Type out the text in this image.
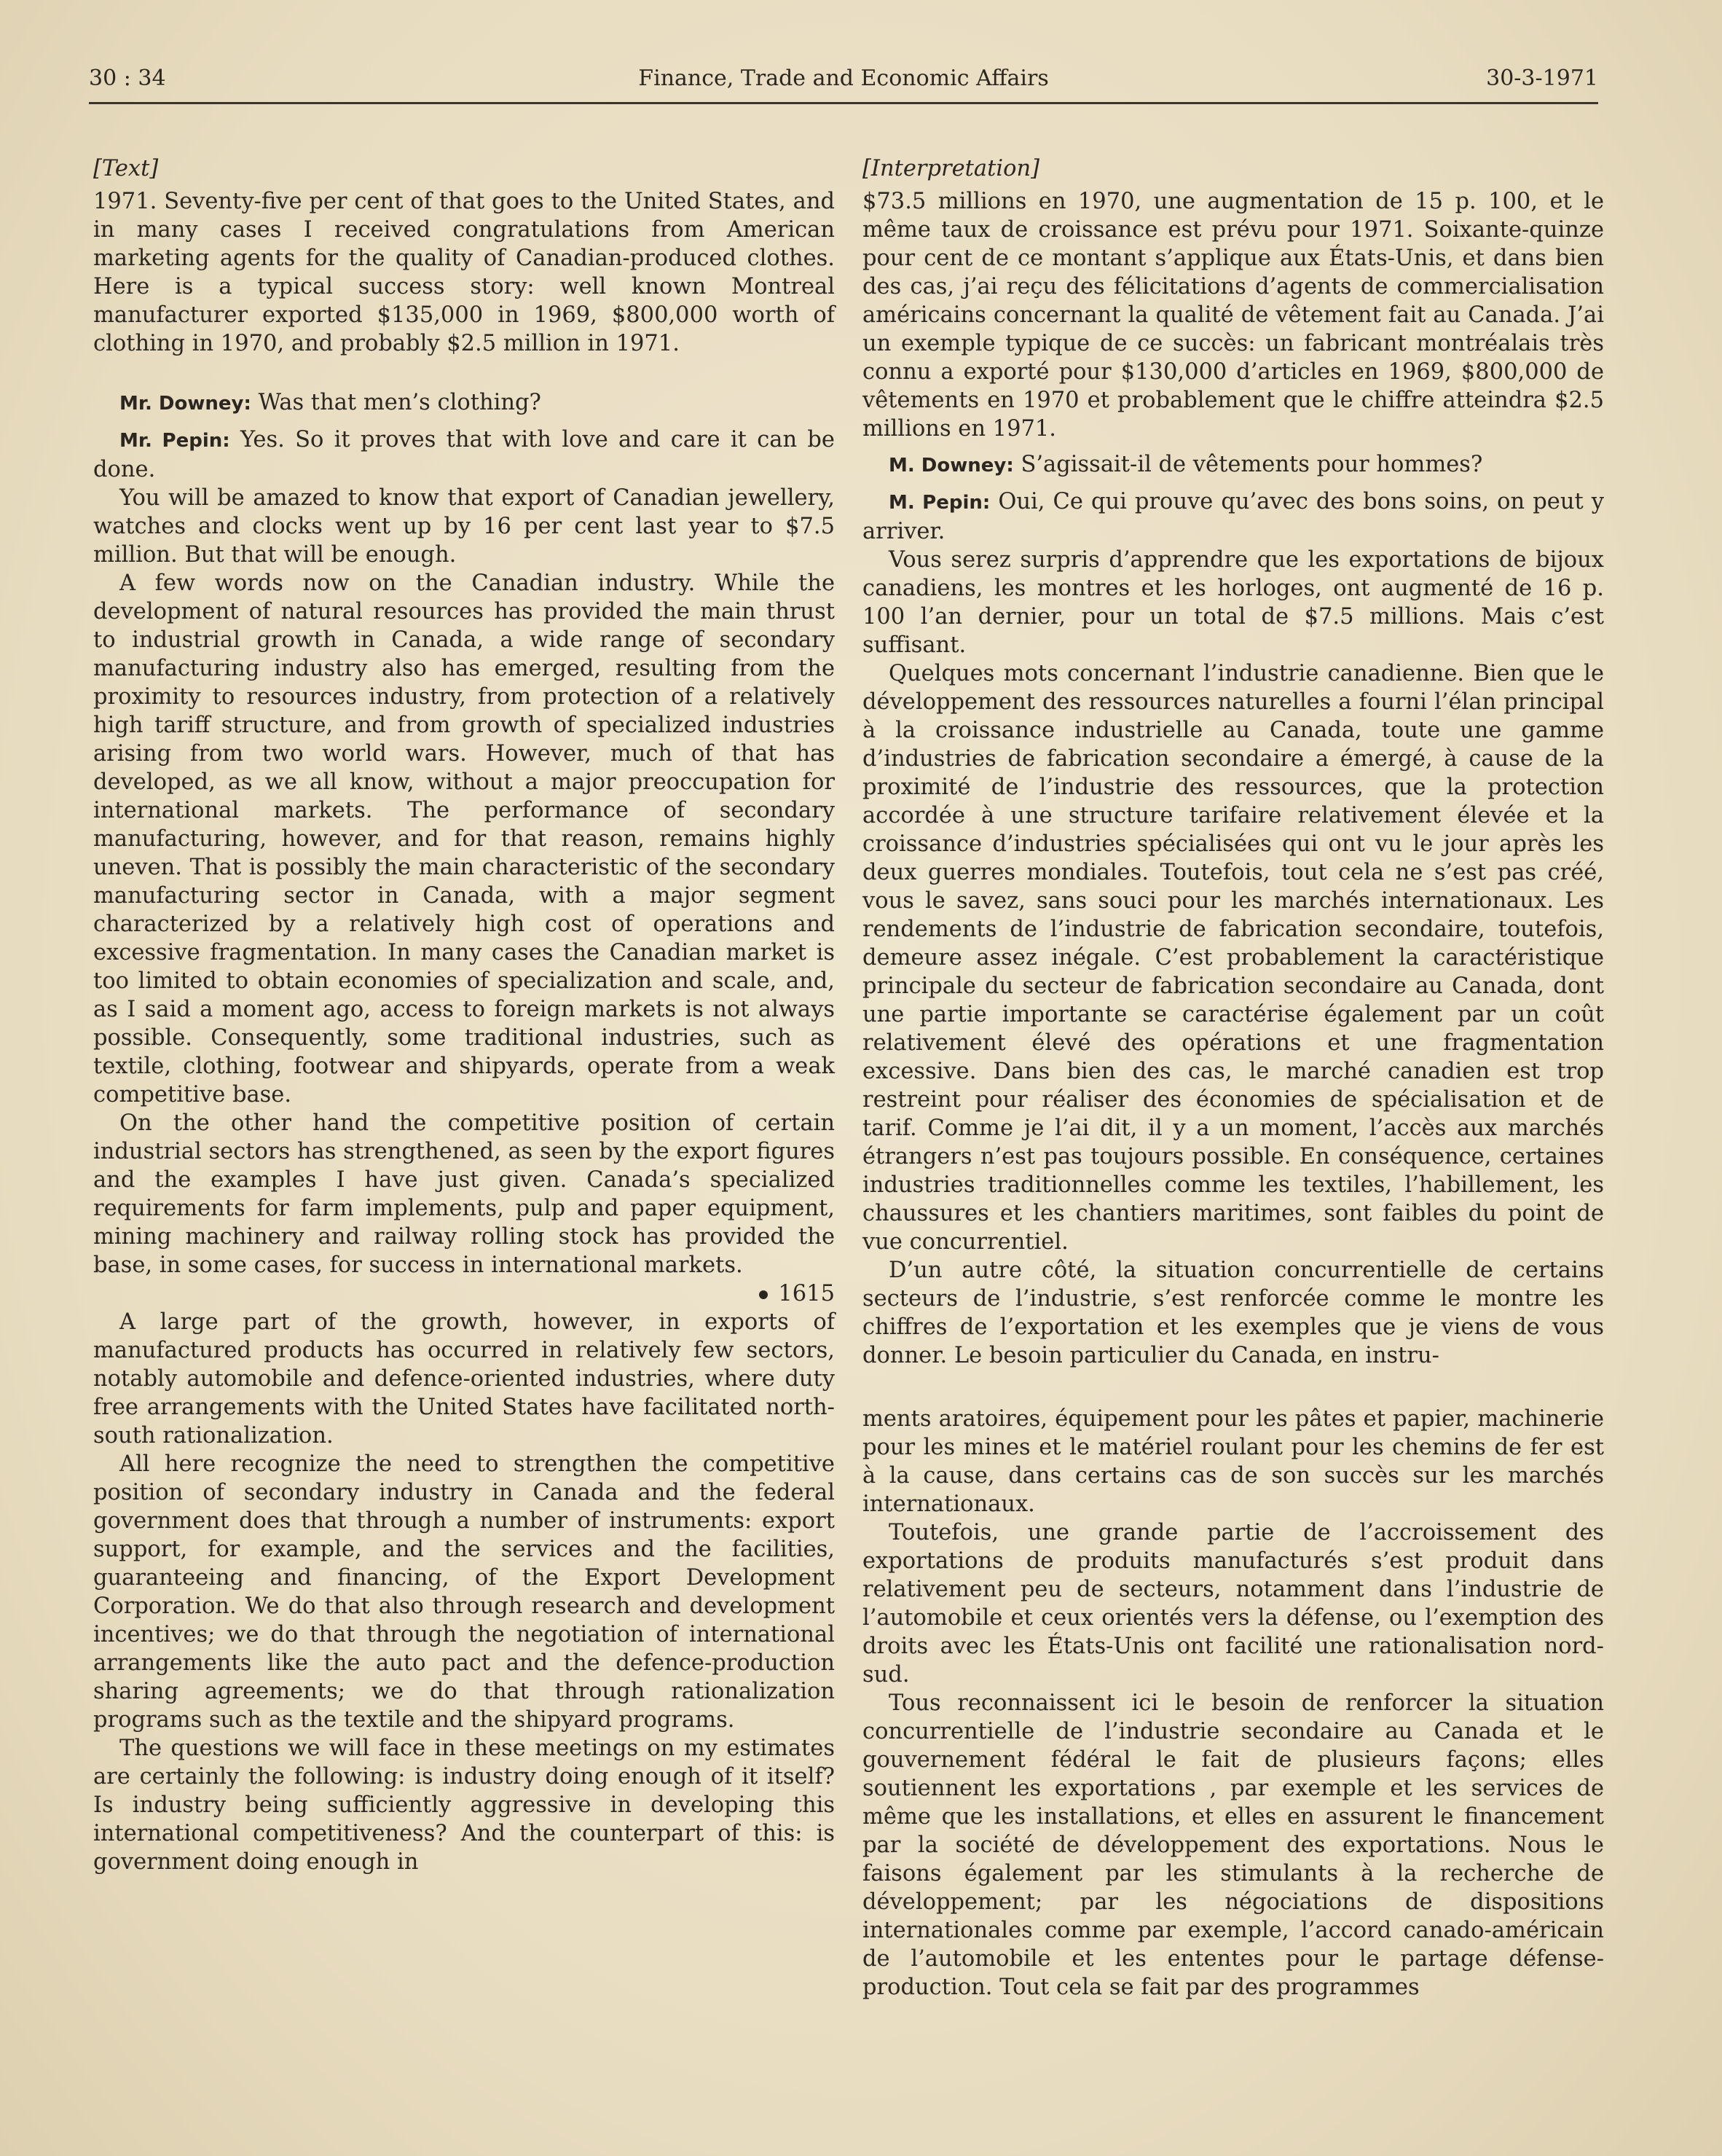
30 : 34	Finance, Trade and Economic Affairs	30-3-1971

[Text]

1971. Seventy-five per cent of that goes to the United States, and in many cases I received congratulations from American marketing agents for the quality of Canadian-produced clothes. Here is a typical success story: well known Montreal manufacturer exported $135,000 in 1969, $800,000 worth of clothing in 1970, and probably $2.5 million in 1971.

Mr. Downey: Was that men’s clothing?

Mr. Pepin: Yes. So it proves that with love and care it can be done.

You will be amazed to know that export of Canadian jewellery, watches and clocks went up by 16 per cent last year to $7.5 million. But that will be enough.

A few words now on the Canadian industry. While the development of natural resources has provided the main thrust to industrial growth in Canada, a wide range of secondary manufacturing industry also has emerged, resulting from the proximity to resources industry, from protection of a relatively high tariff structure, and from growth of specialized industries arising from two world wars. However, much of that has developed, as we all know, without a major preoccupation for international markets. The performance of secondary manufacturing, however, and for that reason, remains highly uneven. That is possibly the main characteristic of the secondary manufacturing sector in Canada, with a major segment characterized by a relatively high cost of operations and excessive fragmentation. In many cases the Canadian market is too limited to obtain economies of specialization and scale, and, as I said a moment ago, access to foreign markets is not always possible. Consequently, some traditional industries, such as textile, clothing, footwear and shipyards, operate from a weak competitive base.

On the other hand the competitive position of certain industrial sectors has strengthened, as seen by the export figures and the examples I have just given. Canada’s specialized requirements for farm implements, pulp and paper equipment, mining machinery and railway rolling stock has provided the base, in some cases, for success in international markets.

1615

A large part of the growth, however, in exports of manufactured products has occurred in relatively few sectors, notably automobile and defence-oriented industries, where duty free arrangements with the United States have facilitated north-south rationalization.

All here recognize the need to strengthen the competitive position of secondary industry in Canada and the federal government does that through a number of instruments: export support, for example, and the services and the facilities, guaranteeing and financing, of the Export Development Corporation. We do that also through research and development incentives; we do that through the negotiation of international arrangements like the auto pact and the defence-production sharing agreements; we do that through rationalization programs such as the textile and the shipyard programs.

The questions we will face in these meetings on my estimates are certainly the following: is industry doing enough of it itself? Is industry being sufficiently aggressive in developing this international competitiveness? And the counterpart of this: is government doing enough in

[Interpretation]

$73.5 millions en 1970, une augmentation de 15 p. 100, et le même taux de croissance est prévu pour 1971. Soixante-quinze pour cent de ce montant s’applique aux États-Unis, et dans bien des cas, j’ai reçu des félicitations d’agents de commercialisation américains concernant la qualité de vêtement fait au Canada. J’ai un exemple typique de ce succès: un fabricant montréalais très connu a exporté pour $130,000 d’articles en 1969, $800,000 de vêtements en 1970 et probablement que le chiffre atteindra $2.5 millions en 1971.

M. Downey: S’agissait-il de vêtements pour hommes?

M. Pepin: Oui, Ce qui prouve qu’avec des bons soins, on peut y arriver.

Vous serez surpris d’apprendre que les exportations de bijoux canadiens, les montres et les horloges, ont augmenté de 16 p. 100 l’an dernier, pour un total de $7.5 millions. Mais c’est suffisant.

Quelques mots concernant l’industrie canadienne. Bien que le développement des ressources naturelles a fourni l’élan principal à la croissance industrielle au Canada, toute une gamme d’industries de fabrication secondaire a émergé, à cause de la proximité de l’industrie des ressources, que la protection accordée à une structure tarifaire relativement élevée et la croissance d’industries spécialisées qui ont vu le jour après les deux guerres mondiales. Toutefois, tout cela ne s’est pas créé, vous le savez, sans souci pour les marchés internationaux. Les rendements de l’industrie de fabrication secondaire, toutefois, demeure assez inégale. C’est probablement la caractéristique principale du secteur de fabrication secondaire au Canada, dont une partie importante se caractérise également par un coût relativement élevé des opérations et une fragmentation excessive. Dans bien des cas, le marché canadien est trop restreint pour réaliser des économies de spécialisation et de tarif. Comme je l’ai dit, il y a un moment, l’accès aux marchés étrangers n’est pas toujours possible. En conséquence, certaines industries traditionnelles comme les textiles, l’habillement, les chaussures et les chantiers maritimes, sont faibles du point de vue concurrentiel.

D’un autre côté, la situation concurrentielle de certains secteurs de l’industrie, s’est renforcée comme le montre les chiffres de l’exportation et les exemples que je viens de vous donner. Le besoin particulier du Canada, en instru-

ments aratoires, équipement pour les pâtes et papier, machinerie pour les mines et le matériel roulant pour les chemins de fer est à la cause, dans certains cas de son succès sur les marchés internationaux.

Toutefois, une grande partie de l’accroissement des exportations de produits manufacturés s’est produit dans relativement peu de secteurs, notamment dans l’industrie de l’automobile et ceux orientés vers la défense, ou l’exemption des droits avec les États-Unis ont facilité une rationalisation nord-sud.

Tous reconnaissent ici le besoin de renforcer la situation concurrentielle de l’industrie secondaire au Canada et le gouvernement fédéral le fait de plusieurs façons; elles soutiennent les exportations , par exemple et les services de même que les installations, et elles en assurent le financement par la société de développement des exportations. Nous le faisons également par les stimulants à la recherche de développement; par les négociations de dispositions internationales comme par exemple, l’accord canado-américain de l’automobile et les ententes pour le partage défense-production. Tout cela se fait par des programmes
